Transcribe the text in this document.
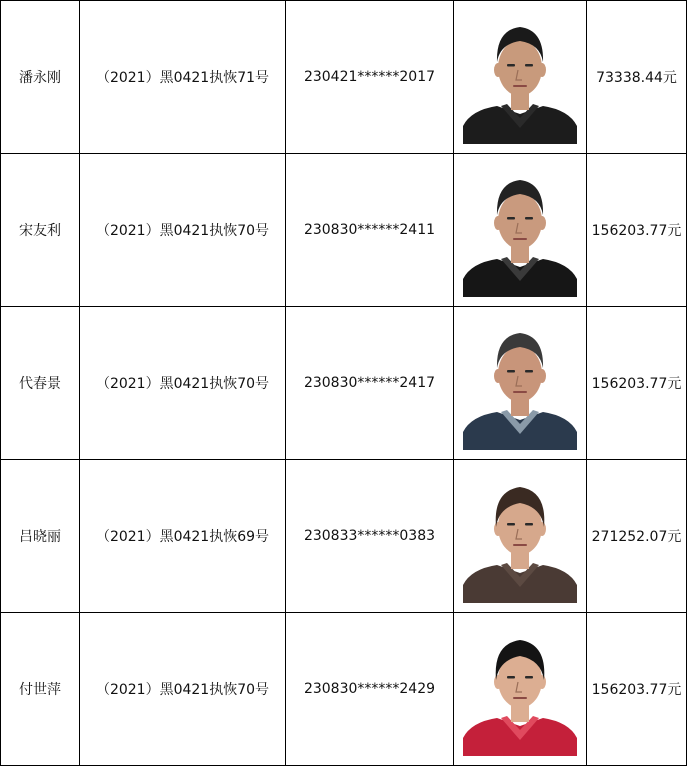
潘永刚	（2021）黑0421执恢71号	230421******2017		73338.44元
宋友利	（2021）黑0421执恢70号	230830******2411		156203.77元
代春景	（2021）黑0421执恢70号	230830******2417		156203.77元
吕晓丽	（2021）黑0421执恢69号	230833******0383		271252.07元
付世萍	（2021）黑0421执恢70号	230830******2429		156203.77元
